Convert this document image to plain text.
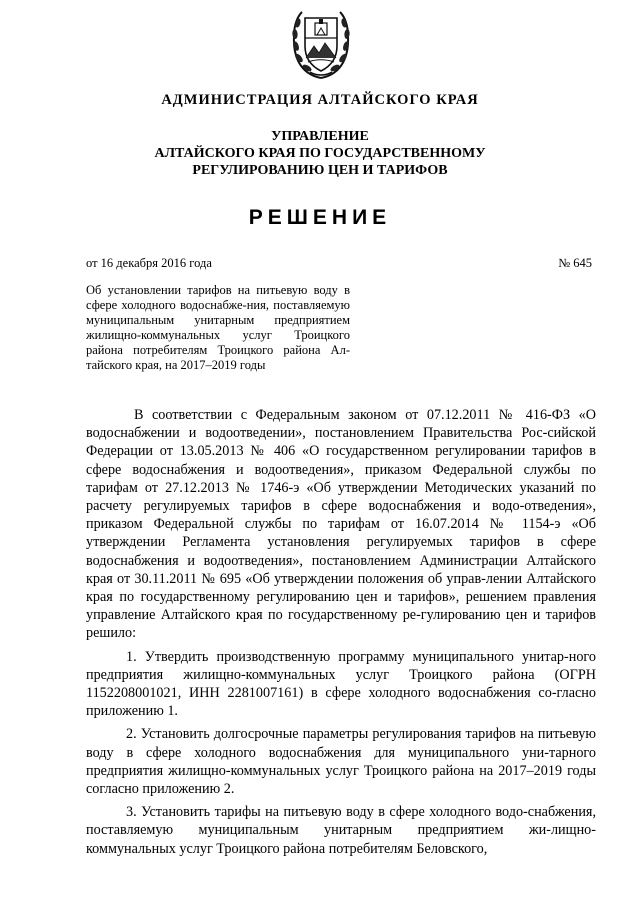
АДМИНИСТРАЦИЯ АЛТАЙСКОГО КРАЯ
УПРАВЛЕНИЕ
АЛТАЙСКОГО КРАЯ ПО ГОСУДАРСТВЕННОМУ
РЕГУЛИРОВАНИЮ ЦЕН И ТАРИФОВ
РЕШЕНИЕ
от 16 декабря 2016 года	№ 645
Об установлении тарифов на питьевую воду в сфере холодного водоснабже-ния, поставляемую муниципальным унитарным предприятием жилищно-коммунальных услуг Троицкого района потребителям Троицкого района Ал-тайского края, на 2017–2019 годы

В соответствии с Федеральным законом от 07.12.2011 № 416-ФЗ «О водоснабжении и водоотведении», постановлением Правительства Рос-сийской Федерации от 13.05.2013 № 406 «О государственном регулировании тарифов в сфере водоснабжения и водоотведения», приказом Федеральной службы по тарифам от 27.12.2013 № 1746-э «Об утверждении Методических указаний по расчету регулируемых тарифов в сфере водоснабжения и водо-отведения», приказом Федеральной службы по тарифам от 16.07.2014 № 1154-э «Об утверждении Регламента установления регулируемых тарифов в сфере водоснабжения и водоотведения», постановлением Администрации Алтайского края от 30.11.2011 № 695 «Об утверждении положения об управ-лении Алтайского края по государственному регулированию цен и тарифов», решением правления управление Алтайского края по государственному ре-гулированию цен и тарифов решило:

1. Утвердить производственную программу муниципального унитар-ного предприятия жилищно-коммунальных услуг Троицкого района (ОГРН 1152208001021, ИНН 2281007161) в сфере холодного водоснабжения со-гласно приложению 1.

2. Установить долгосрочные параметры регулирования тарифов на питьевую воду в сфере холодного водоснабжения для муниципального уни-тарного предприятия жилищно-коммунальных услуг Троицкого района на 2017–2019 годы согласно приложению 2.

3. Установить тарифы на питьевую воду в сфере холодного водо-снабжения, поставляемую муниципальным унитарным предприятием жи-лищно-коммунальных услуг Троицкого района потребителям Беловского,
